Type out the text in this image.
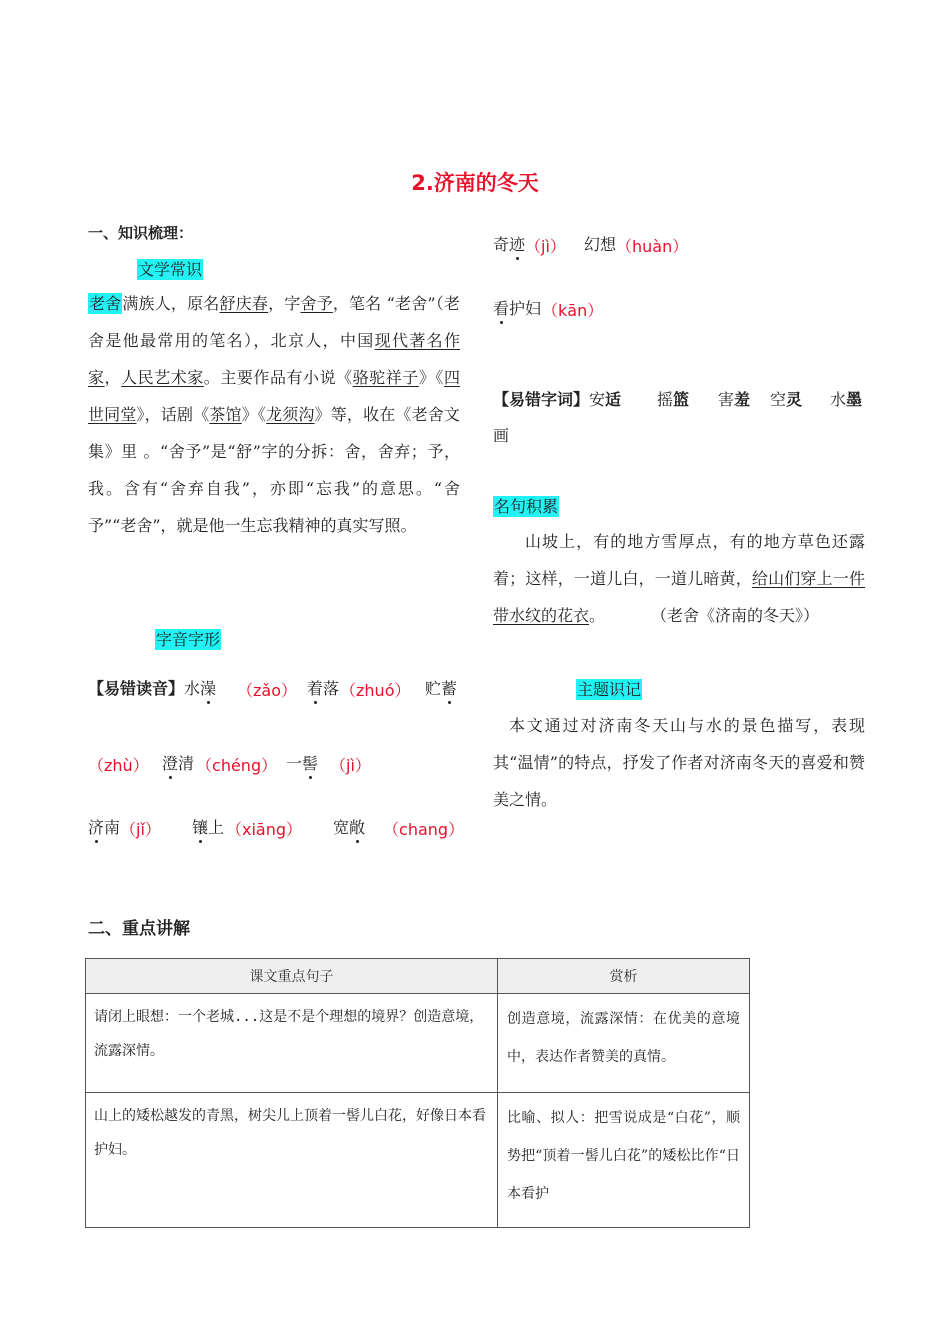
2.济南的冬天
一、知识梳理：
文学常识
老舍满族人，原名舒庆春，字舍予，笔名 “老舍”（老舍是他最常用的笔名），北京人，中国现代著名作家，人民艺术家。主要作品有小说《骆驼祥子》《四世同堂》，话剧《茶馆》《龙须沟》等，收在《老舍文集》里 。“舍予”是“舒”字的分拆：舍，舍弃；予，我。含有“舍弃自我”，亦即“忘我”的意思。“舍予”“老舍”，就是他一生忘我精神的真实写照。
字音字形
【易错读音】水澡 （zǎo） 着落 （zhuó） 贮蓄
（zhù） 澄清 （chéng） 一髻 （jì）
济南 （jǐ） 镶上 （xiāng） 宽敞 （chang）
奇迹 （jì） 幻想 （huàn）
看护妇 （kān）
【易错字词】安适 摇篮 害羞 空灵 水墨
画
名句积累
山坡上，有的地方雪厚点，有的地方草色还露着；这样，一道儿白，一道儿暗黄，给山们穿上一件带水纹的花衣。	（老舍《济南的冬天》）
主题识记
本文通过对济南冬天山与水的景色描写，表现其“温情”的特点，抒发了作者对济南冬天的喜爱和赞美之情。
二、重点讲解
课文重点句子	赏析
请闭上眼想：一个老城...这是不是个理想的境界？创造意境，流露深情。	创造意境，流露深情：在优美的意境中，表达作者赞美的真情。
山上的矮松越发的青黑，树尖儿上顶着一髻儿白花，好像日本看护妇。	比喻、拟人：把雪说成是“白花”，顺势把“顶着一髻儿白花”的矮松比作“日本看护
